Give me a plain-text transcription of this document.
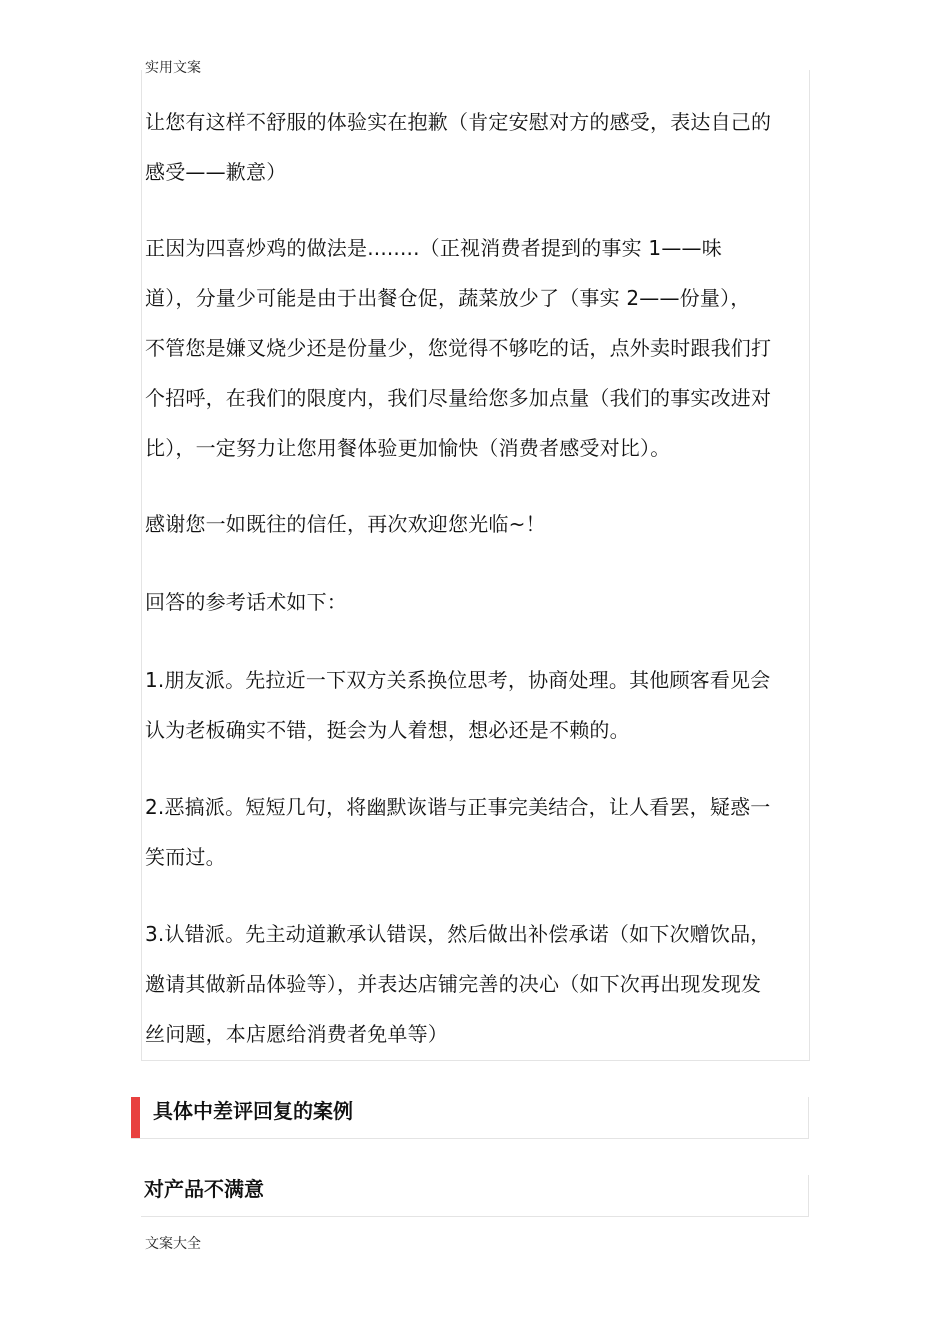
实用文案
让您有这样不舒服的体验实在抱歉（肯定安慰对方的感受，表达自己的
感受——歉意）
正因为四喜炒鸡的做法是........（正视消费者提到的事实 1——味
道），分量少可能是由于出餐仓促，蔬菜放少了（事实 2——份量），
不管您是嫌叉烧少还是份量少，您觉得不够吃的话，点外卖时跟我们打
个招呼，在我们的限度内，我们尽量给您多加点量（我们的事实改进对
比），一定努力让您用餐体验更加愉快（消费者感受对比）。
感谢您一如既往的信任，再次欢迎您光临~！
回答的参考话术如下：
1.朋友派。先拉近一下双方关系换位思考，协商处理。其他顾客看见会
认为老板确实不错，挺会为人着想，想必还是不赖的。
2.恶搞派。短短几句，将幽默诙谐与正事完美结合，让人看罢，疑惑一
笑而过。
3.认错派。先主动道歉承认错误，然后做出补偿承诺（如下次赠饮品，
邀请其做新品体验等），并表达店铺完善的决心（如下次再出现发现发
丝问题，本店愿给消费者免单等）
具体中差评回复的案例
对产品不满意
文案大全
